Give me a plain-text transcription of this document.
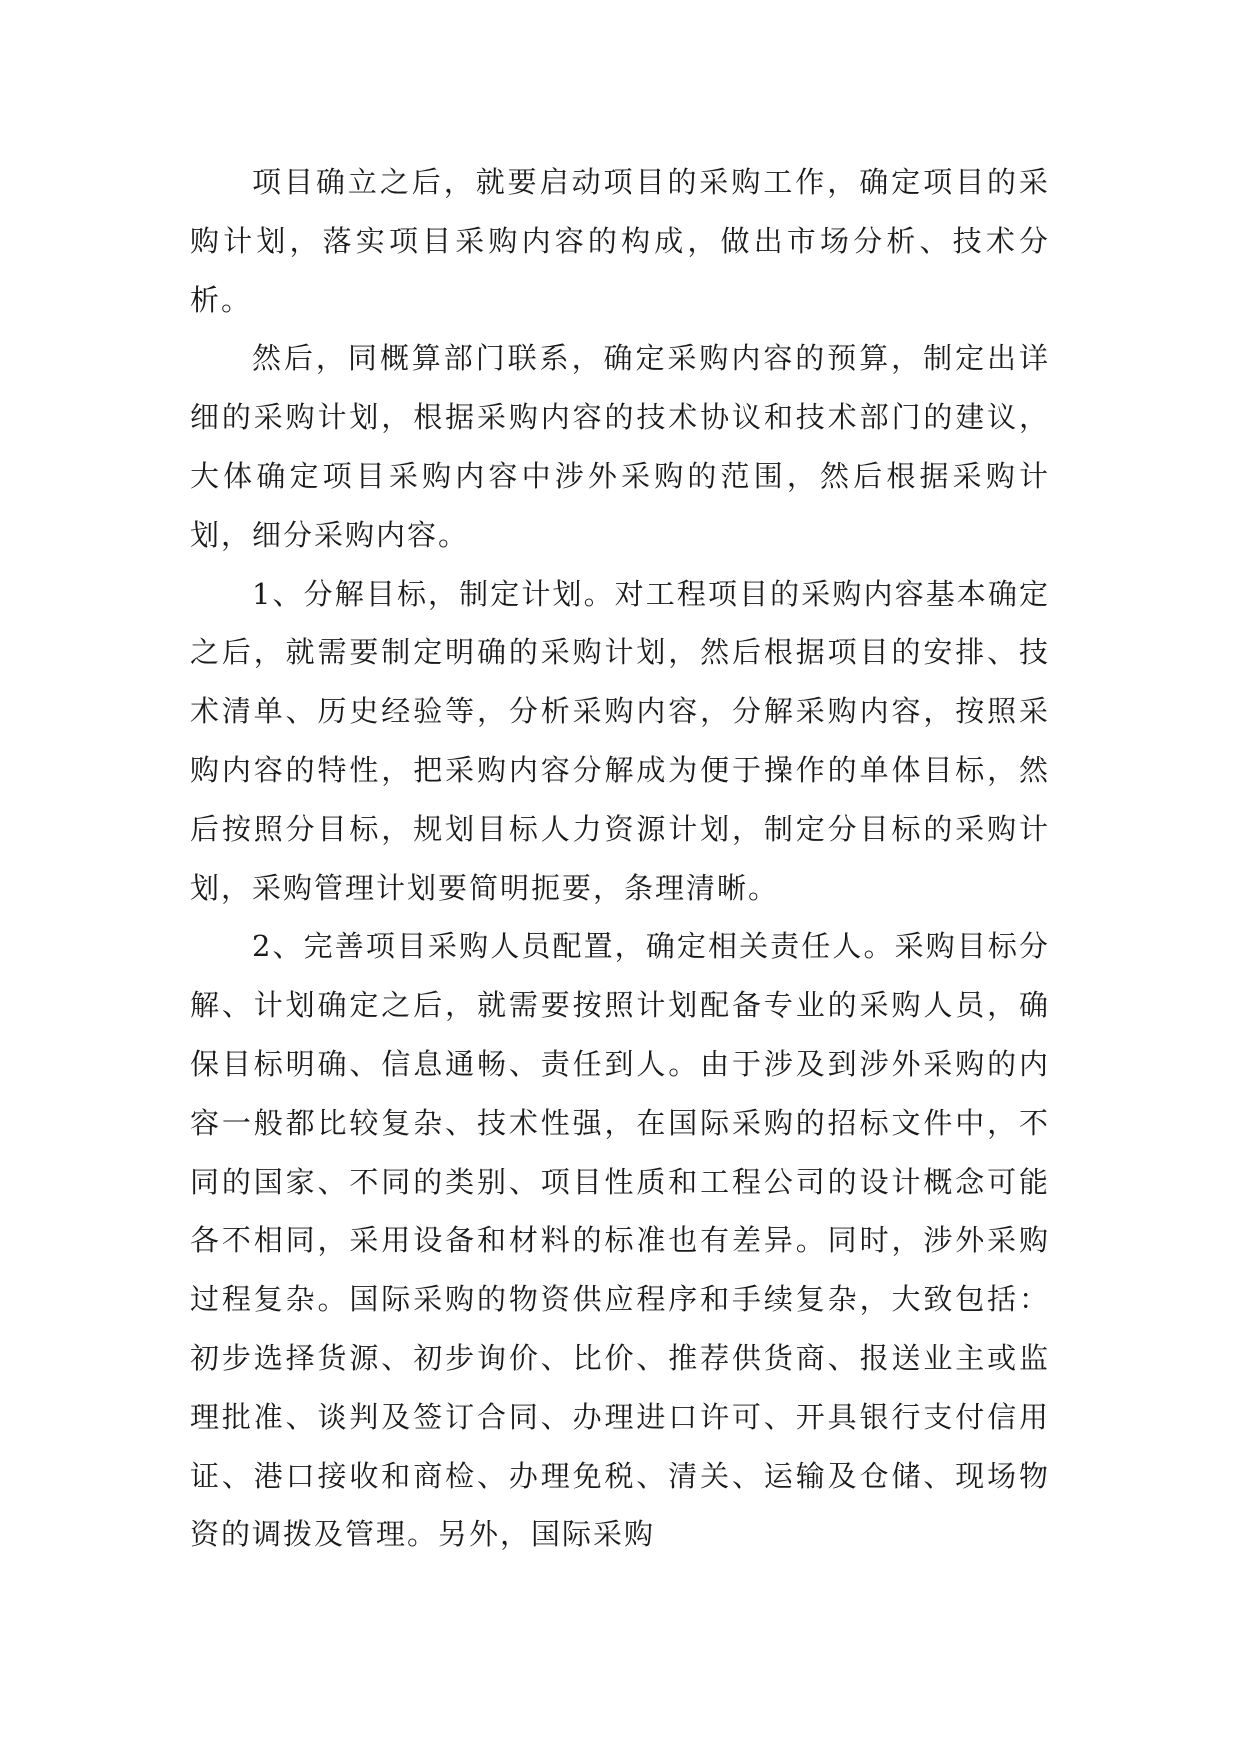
项目确立之后，就要启动项目的采购工作，确定项目的采购计划，落实项目采购内容的构成，做出市场分析、技术分析。

然后，同概算部门联系，确定采购内容的预算，制定出详细的采购计划，根据采购内容的技术协议和技术部门的建议，大体确定项目采购内容中涉外采购的范围，然后根据采购计划，细分采购内容。

1、分解目标，制定计划。对工程项目的采购内容基本确定之后，就需要制定明确的采购计划，然后根据项目的安排、技术清单、历史经验等，分析采购内容，分解采购内容，按照采购内容的特性，把采购内容分解成为便于操作的单体目标，然后按照分目标，规划目标人力资源计划，制定分目标的采购计划，采购管理计划要简明扼要，条理清晰。

2、完善项目采购人员配置，确定相关责任人。采购目标分解、计划确定之后，就需要按照计划配备专业的采购人员，确保目标明确、信息通畅、责任到人。由于涉及到涉外采购的内容一般都比较复杂、技术性强，在国际采购的招标文件中，不同的国家、不同的类别、项目性质和工程公司的设计概念可能各不相同，采用设备和材料的标准也有差异。同时，涉外采购过程复杂。国际采购的物资供应程序和手续复杂，大致包括：初步选择货源、初步询价、比价、推荐供货商、报送业主或监理批准、谈判及签订合同、办理进口许可、开具银行支付信用证、港口接收和商检、办理免税、清关、运输及仓储、现场物资的调拨及管理。另外，国际采购
